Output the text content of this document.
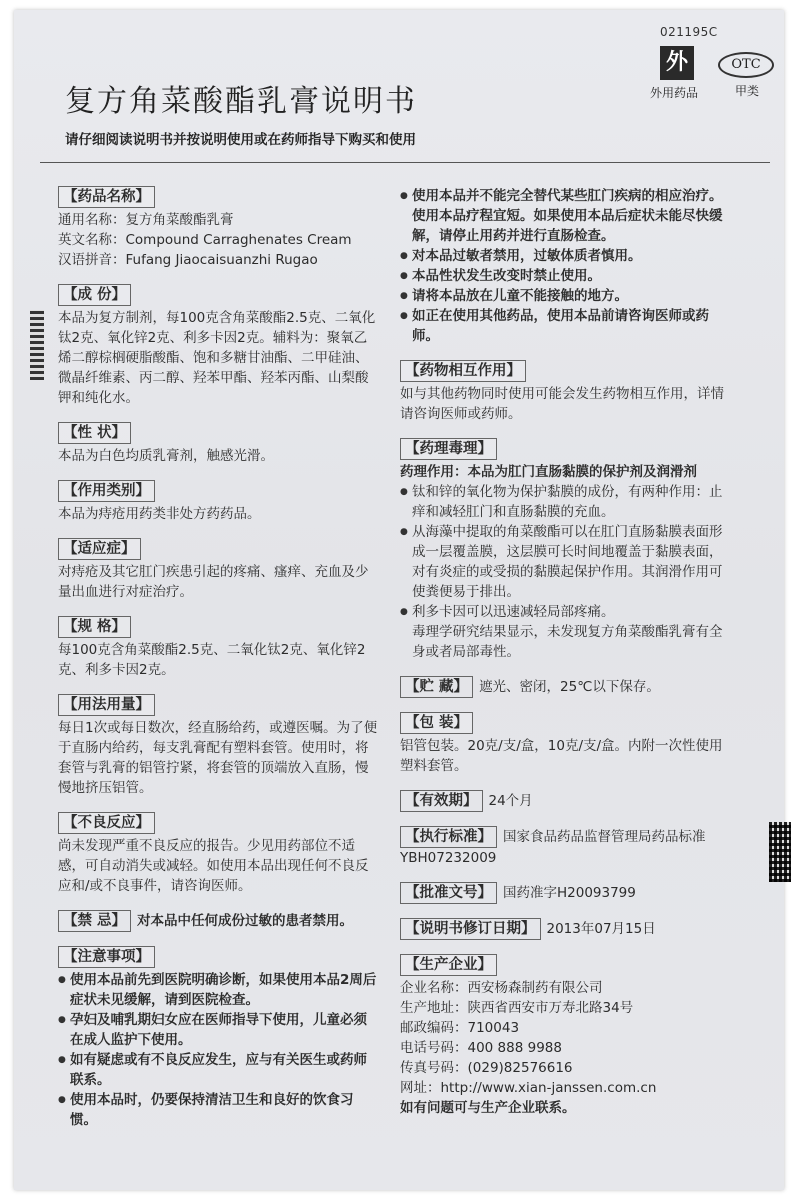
021195C
外
外用药品
OTC
甲类
复方角菜酸酯乳膏说明书
请仔细阅读说明书并按说明使用或在药师指导下购买和使用
【药品名称】

通用名称：复方角菜酸酯乳膏

英文名称：Compound Carraghenates Cream

汉语拼音：Fufang Jiaocaisuanzhi Rugao

【成 份】

本品为复方制剂，每100克含角菜酸酯2.5克、二氧化钛2克、氧化锌2克、利多卡因2克。辅料为：聚氧乙烯二醇棕榈硬脂酸酯、饱和多糖甘油酯、二甲硅油、微晶纤维素、丙二醇、羟苯甲酯、羟苯丙酯、山梨酸钾和纯化水。

【性 状】

本品为白色均质乳膏剂，触感光滑。

【作用类别】

本品为痔疮用药类非处方药药品。

【适应症】

对痔疮及其它肛门疾患引起的疼痛、瘙痒、充血及少量出血进行对症治疗。

【规 格】

每100克含角菜酸酯2.5克、二氧化钛2克、氧化锌2克、利多卡因2克。

【用法用量】

每日1次或每日数次，经直肠给药，或遵医嘱。为了便于直肠内给药，每支乳膏配有塑料套管。使用时，将套管与乳膏的铝管拧紧，将套管的顶端放入直肠，慢慢地挤压铝管。

【不良反应】

尚未发现严重不良反应的报告。少见用药部位不适感，可自动消失或减轻。如使用本品出现任何不良反应和/或不良事件，请咨询医师。

【禁 忌】 对本品中任何成份过敏的患者禁用。
【注意事项】
● 使用本品前先到医院明确诊断，如果使用本品2周后症状未见缓解，请到医院检查。
● 孕妇及哺乳期妇女应在医师指导下使用，儿童必须在成人监护下使用。
● 如有疑虑或有不良反应发生，应与有关医生或药师联系。
● 使用本品时，仍要保持清洁卫生和良好的饮食习惯。
● 使用本品并不能完全替代某些肛门疾病的相应治疗。使用本品疗程宜短。如果使用本品后症状未能尽快缓解，请停止用药并进行直肠检查。
● 对本品过敏者禁用，过敏体质者慎用。
● 本品性状发生改变时禁止使用。
● 请将本品放在儿童不能接触的地方。
● 如正在使用其他药品，使用本品前请咨询医师或药师。
【药物相互作用】

如与其他药物同时使用可能会发生药物相互作用，详情请咨询医师或药师。

【药理毒理】

药理作用：本品为肛门直肠黏膜的保护剂及润滑剂

● 钛和锌的氧化物为保护黏膜的成份，有两种作用：止痒和减轻肛门和直肠黏膜的充血。
● 从海藻中提取的角菜酸酯可以在肛门直肠黏膜表面形成一层覆盖膜，这层膜可长时间地覆盖于黏膜表面，对有炎症的或受损的黏膜起保护作用。其润滑作用可使粪便易于排出。
● 利多卡因可以迅速减轻局部疼痛。

毒理学研究结果显示，未发现复方角菜酸酯乳膏有全身或者局部毒性。

【贮 藏】 遮光、密闭，25℃以下保存。
【包 装】

铝管包装。20克/支/盒，10克/支/盒。内附一次性使用塑料套管。

【有效期】 24个月
【执行标准】 国家食品药品监督管理局药品标准YBH07232009
【批准文号】 国药准字H20093799
【说明书修订日期】 2013年07月15日
【生产企业】

企业名称：西安杨森制药有限公司

生产地址：陕西省西安市万寿北路34号

邮政编码：710043

电话号码：400 888 9988

传真号码：(029)82576616

网址：http://www.xian-janssen.com.cn

如有问题可与生产企业联系。
